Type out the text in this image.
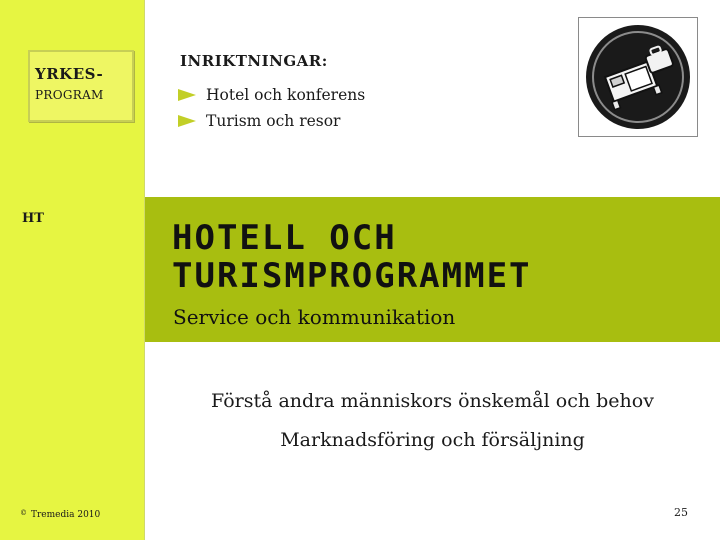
YRKES-
PROGRAM
HT
© Tremedia 2010
INRIKTNINGAR:
Hotel och konferens
Turism och resor
HOTELL OCH
TURISMPROGRAMMET
Service och kommunikation
Förstå andra människors önskemål och behov
Marknadsföring och försäljning
25
